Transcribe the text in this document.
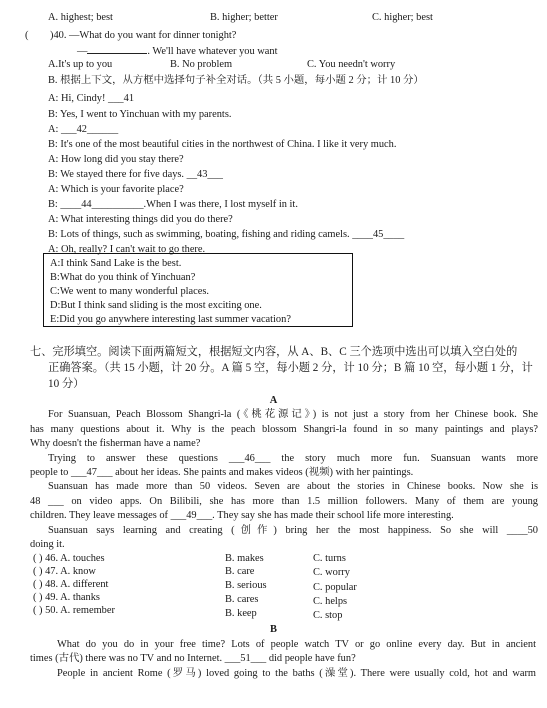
A. highest; best	B. higher; better	C. higher; best
( )40. —What do you want for dinner tonight?
—	. We'll have whatever you want
A.It's up to you	B. No problem	C. You needn't worry
B. 根据上下文，从方框中选择句子补全对话。（共 5 小题，每小题 2 分；计 10 分）
A: Hi, Cindy! ___41
B: Yes, I went to Yinchuan with my parents.
A: ___42______
B: It's one of the most beautiful cities in the northwest of China. I like it very much.
A: How long did you stay there?
B: We stayed there for five days. __43___
A: Which is your favorite place?
B: ____44__________.When I was there, I lost myself in it.
A: What interesting things did you do there?
B: Lots of things, such as swimming, boating, fishing and riding camels. ____45____
A: Oh, really? I can't wait to go there. ______________
A:I think Sand Lake is the best.
B:What do you think of Yinchuan?
C:We went to many wonderful places.
D:But I think sand sliding is the most exciting one.
E:Did you go anywhere interesting last summer vacation?
七、完形填空。阅读下面两篇短文，根据短文内容，从 A、B、C 三个选项中选出可以填入空白处的
正确答案。（共 15 小题，计 20 分。A 篇 5 空，每小题 2 分，计 10 分；B 篇 10 空，每小题 1 分，计
10 分）
A
For Suansuan, Peach Blossom Shangri-la (《桃花源记》) is not just a story from her Chinese book. She
has many questions about it. Why is the peach blossom Shangri-la found in so many paintings and plays?
Why doesn't the fisherman have a name?
Trying to answer these questions ___46___ the story much more fun. Suansuan wants more
people to ___47___ about her ideas. She paints and makes videos (视频) with her paintings.
Suansuan has made more than 50 videos. Seven are about the stories in Chinese books. Now she is
48 ___ on video apps. On Bilibili, she has more than 1.5 million followers. Many of them are young
children. They leave messages of ___49___. They say she has made their school life more interesting.
Suansuan says learning and creating (创作) bring her the most happiness. So she will ____50
doing it.
( ) 46. A. touches	B. makes	C. turns
( ) 47. A. know	B. care	C. worry
( ) 48. A. different	B. serious	C. popular
( ) 49. A. thanks	B. cares	C. helps
( ) 50. A. remember	B. keep	C. stop
B
What do you do in your free time? Lots of people watch TV or go online every day. But in ancient
times (古代) there was no TV and no Internet. ___51___ did people have fun?
People in ancient Rome (罗马) loved going to the baths (澡堂). There were usually cold, hot and warm
